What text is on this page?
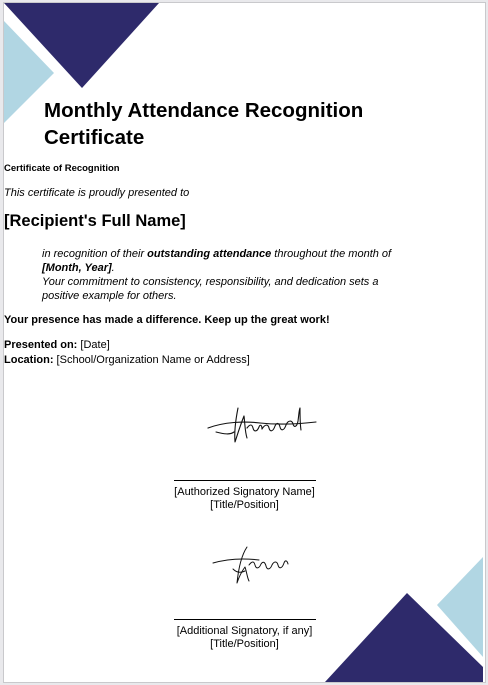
Monthly Attendance Recognition Certificate
Certificate of Recognition
This certificate is proudly presented to
[Recipient's Full Name]
in recognition of their outstanding attendance throughout the month of
[Month, Year].
Your commitment to consistency, responsibility, and dedication sets a
positive example for others.
Your presence has made a difference. Keep up the great work!
Presented on: [Date]
Location: [School/Organization Name or Address]
[Authorized Signatory Name]
[Title/Position]
[Additional Signatory, if any]
[Title/Position]
